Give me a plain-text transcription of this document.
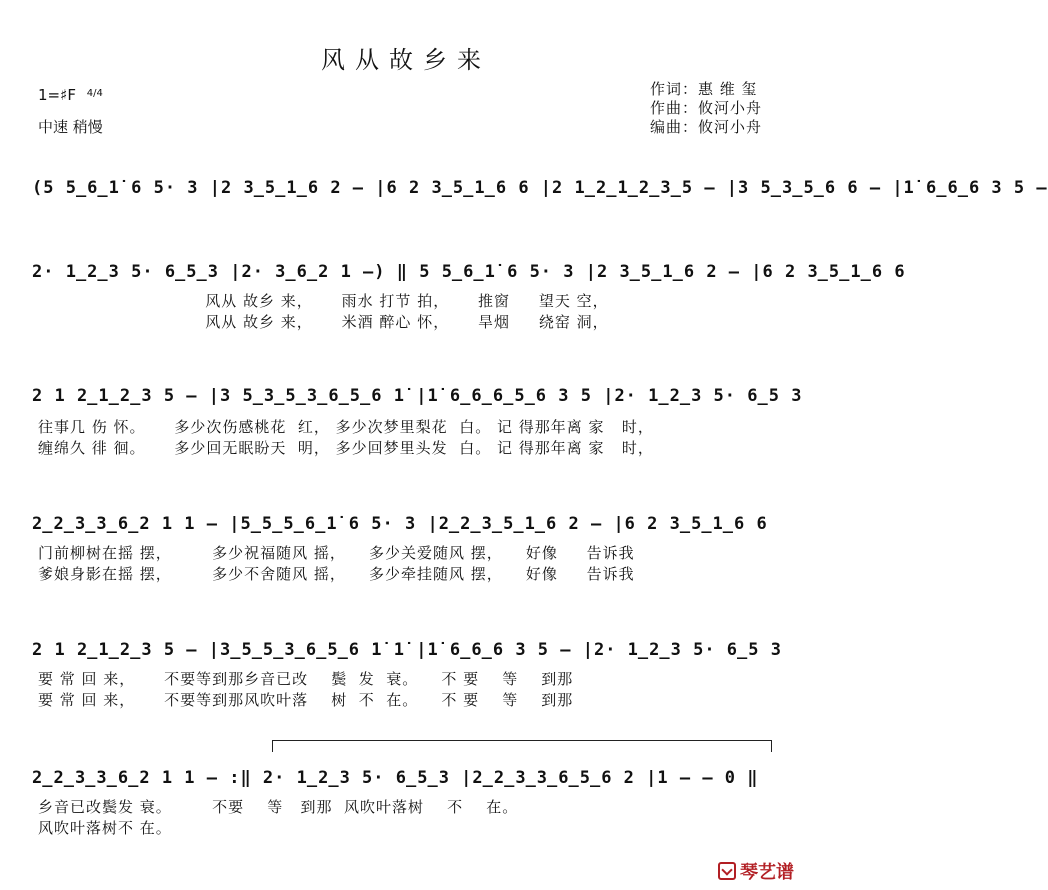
风从故乡来
1=♯F $^{4/4}$
中速 稍慢
作词：惠 维 玺
作曲：攸河小舟
编曲：攸河小舟
(5 5̲6̲1̇ 6 5· 3 |2 3̲5̲1̲6 2 – |6 2 3̲5̲1̲6 6 |2 1̲2̲1̲2̲3̲5 – |3 5̲3̲5̲6 6 – |1̇ 6̲6̲6 3 5 –
2· 1̲2̲3 5· 6̲5̲3 |2· 3̲6̲2 1 –) ‖ 5 5̲6̲1̇ 6 5· 3 |2 3̲5̲1̲6 2 – |6 2 3̲5̲1̲6 6
风从 故乡 来，     雨水 打节 拍，     推窗     望天 空，
风从 故乡 来，     米酒 醉心 怀，     旱烟     绕窑 洞，
2 1 2̲1̲2̲3 5 – |3 5̲3̲5̲3̲6̲5̲6 1̇ |1̇ 6̲6̲6̲5̲6 3 5 |2· 1̲2̲3 5· 6̲5 3
往事几 伤 怀。     多少次伤感桃花  红， 多少次梦里梨花  白。 记 得那年离 家   时，
缠绵久 徘 徊。     多少回无眠盼天  明， 多少回梦里头发  白。 记 得那年离 家   时，
2̲2̲3̲3̲6̲2 1 1 – |5̲5̲5̲6̲1̇ 6 5· 3 |2̲2̲3̲5̲1̲6 2 – |6 2 3̲5̲1̲6 6
门前柳树在摇 摆，       多少祝福随风 摇，    多少关爱随风 摆，    好像     告诉我
爹娘身影在摇 摆，       多少不舍随风 摇，    多少牵挂随风 摆，    好像     告诉我
2 1 2̲1̲2̲3 5 – |3̲5̲5̲3̲6̲5̲6 1̇ 1̇ |1̇ 6̲6̲6 3 5 – |2· 1̲2̲3 5· 6̲5 3
要 常 回 来，     不要等到那乡音已改    鬓  发  衰。    不 要    等    到那
要 常 回 来，     不要等到那风吹叶落    树  不  在。    不 要    等    到那
2̲2̲3̲3̲6̲2 1 1 – :‖ 2· 1̲2̲3 5· 6̲5̲3 |2̲2̲3̲3̲6̲5̲6 2 |1 – – 0 ‖
乡音已改鬓发 衰。       不要    等   到那  风吹叶落树    不    在。
风吹叶落树不 在。
琴艺谱
